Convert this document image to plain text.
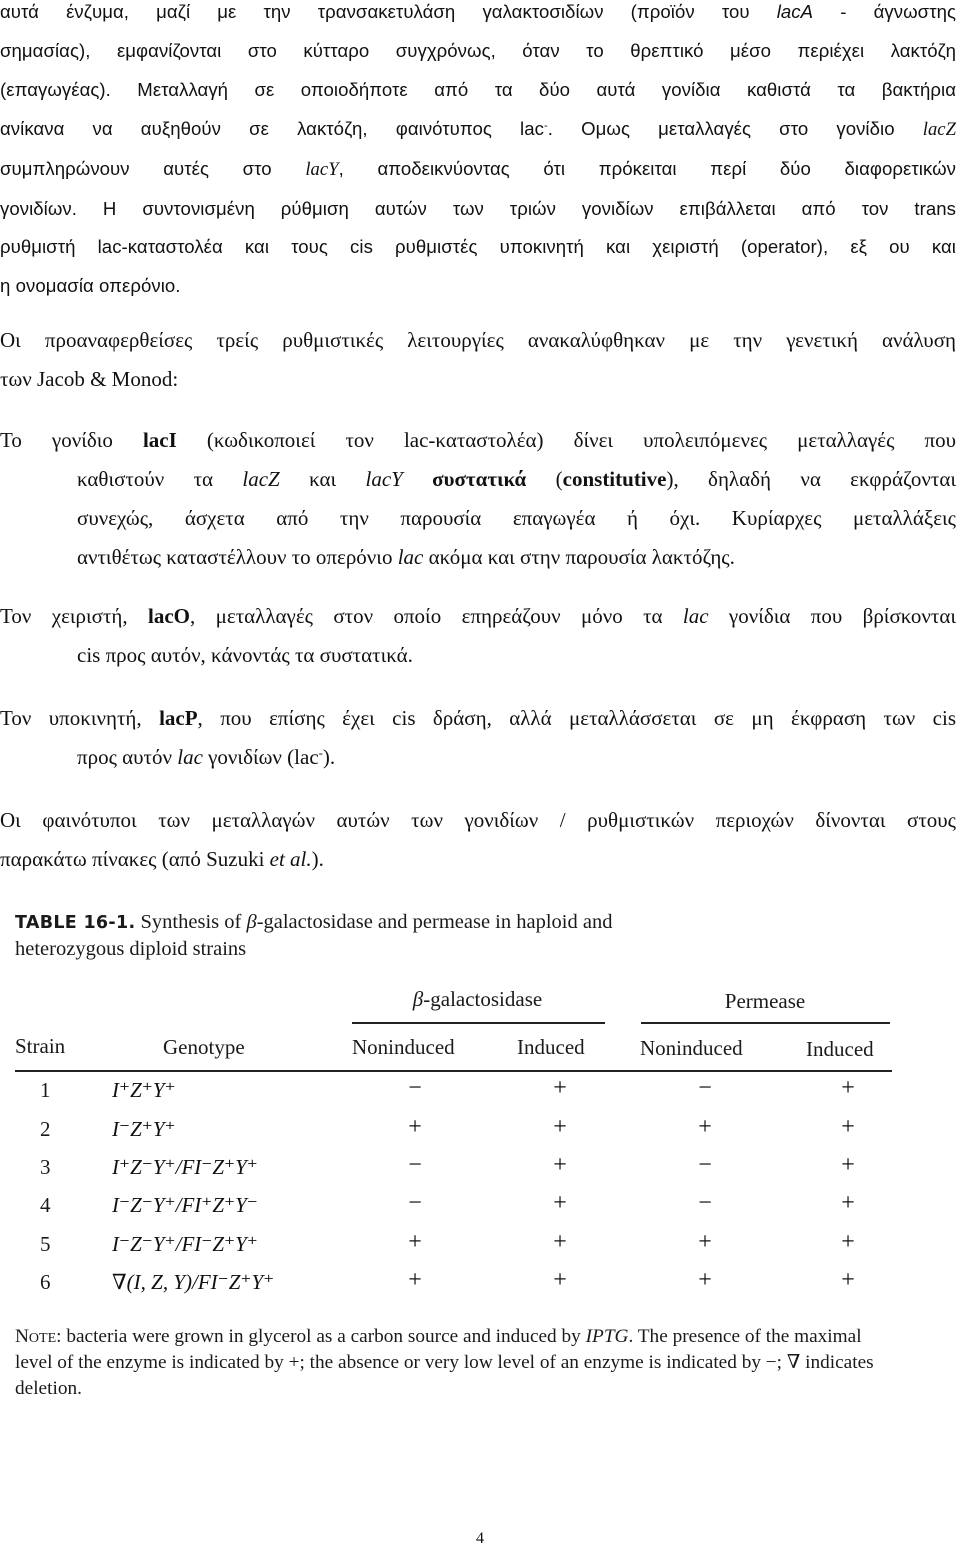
αυτά ένζυμα, μαζί με την τρανσακετυλάση γαλακτοσιδίων (προϊόν του lacA - άγνωστης
σημασίας), εμφανίζονται στο κύτταρο συγχρόνως, όταν το θρεπτικό μέσο περιέχει λακτόζη
(επαγωγέας). Μεταλλαγή σε οποιοδήποτε από τα δύο αυτά γονίδια καθιστά τα βακτήρια
ανίκανα να αυξηθούν σε λακτόζη, φαινότυπος lac-. Ομως μεταλλαγές στο γονίδιο lacZ
συμπληρώνουν αυτές στο lacY, αποδεικνύοντας ότι πρόκειται περί δύο διαφορετικών
γονιδίων. Η συντονισμένη ρύθμιση αυτών των τριών γονιδίων επιβάλλεται από τον trans
ρυθμιστή lac-καταστολέα και τους cis ρυθμιστές υποκινητή και χειριστή (operator), εξ ου και
η ονομασία οπερόνιο.
Οι προαναφερθείσες τρείς ρυθμιστικές λειτουργίες ανακαλύφθηκαν με την γενετική ανάλυση
των Jacob & Monod:
Το γονίδιο lacI (κωδικοποιεί τον lac-καταστολέα) δίνει υπολειπόμενες μεταλλαγές που
καθιστούν τα lacZ και lacY συστατικά (constitutive), δηλαδή να εκφράζονται
συνεχώς, άσχετα από την παρουσία επαγωγέα ή όχι. Κυρίαρχες μεταλλάξεις
αντιθέτως καταστέλλουν το οπερόνιο lac ακόμα και στην παρουσία λακτόζης.
Τον χειριστή, lacO, μεταλλαγές στον οποίο επηρεάζουν μόνο τα lac γονίδια που βρίσκονται
cis προς αυτόν, κάνοντάς τα συστατικά.
Τον υποκινητή, lacP, που επίσης έχει cis δράση, αλλά μεταλλάσσεται σε μη έκφραση των cis
προς αυτόν lac γονιδίων (lac-).
Οι φαινότυποι των μεταλλαγών αυτών των γονιδίων / ρυθμιστικών περιοχών δίνονται στους
παρακάτω πίνακες (από Suzuki et al.).
TABLE 16-1. Synthesis of β-galactosidase and permease in haploid and
heterozygous diploid strains
β-galactosidase	Permease
Strain	Genotype	Noninduced	Induced	Noninduced	Induced
1	I⁺Z⁺Y⁺	−	+	−	+
2	I⁻Z⁺Y⁺	+	+	+	+
3	I⁺Z⁻Y⁺/FI⁻Z⁺Y⁺	−	+	−	+
4	I⁻Z⁻Y⁺/FI⁺Z⁺Y⁻	−	+	−	+
5	I⁻Z⁻Y⁺/FI⁻Z⁺Y⁺	+	+	+	+
6	∇(I, Z, Y)/FI⁻Z⁺Y⁺	+	+	+	+
Note: bacteria were grown in glycerol as a carbon source and induced by IPTG. The presence of the maximal level of the enzyme is indicated by +; the absence or very low level of an enzyme is indicated by −; ∇ indicates deletion.
4
